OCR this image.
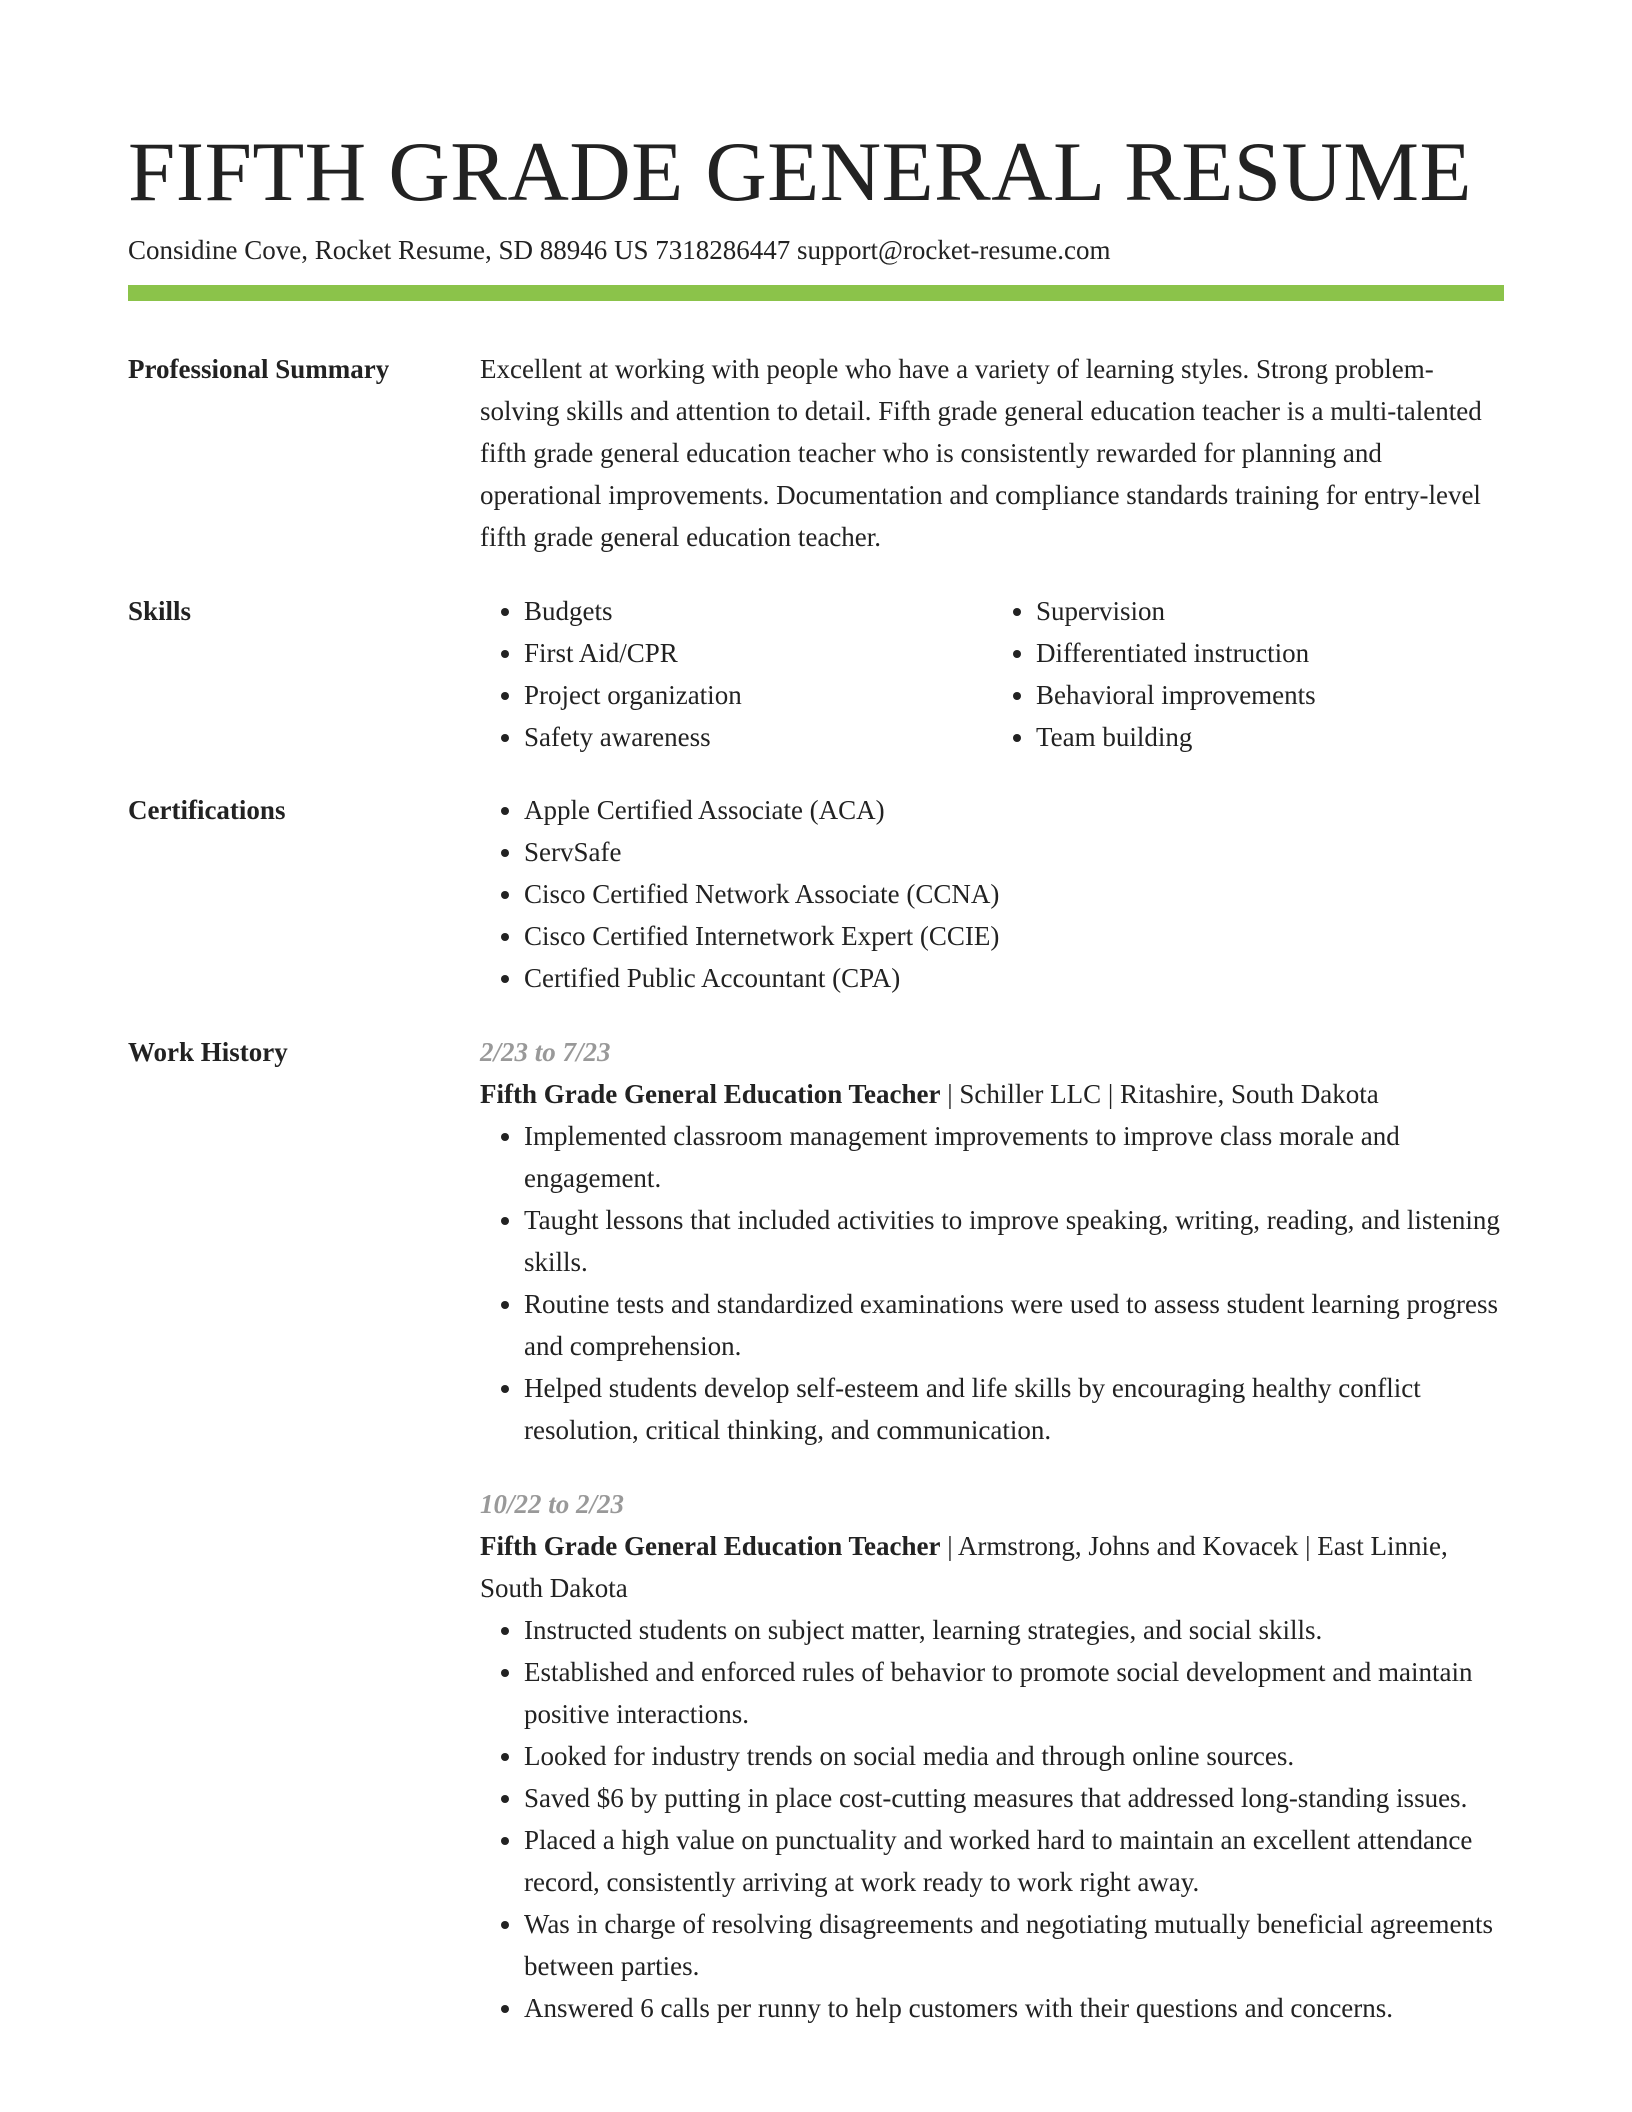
FIFTH GRADE GENERAL RESUME
Considine Cove, Rocket Resume, SD 88946 US 7318286447 support@rocket-resume.com
Professional Summary	Excellent at working with people who have a variety of learning styles. Strong problem-solving skills and attention to detail. Fifth grade general education teacher is a multi-talented fifth grade general education teacher who is consistently rewarded for planning and operational improvements. Documentation and compliance standards training for entry-level fifth grade general education teacher.

Skills	• Budgets
• First Aid/CPR
• Project organization
• Safety awareness
• Supervision
• Differentiated instruction
• Behavioral improvements
• Team building
Certifications	• Apple Certified Associate (ACA)
• ServSafe
• Cisco Certified Network Associate (CCNA)
• Cisco Certified Internetwork Expert (CCIE)
• Certified Public Accountant (CPA)
Work History	2/23 to 7/23

Fifth Grade General Education Teacher | Schiller LLC | Ritashire, South Dakota

• Implemented classroom management improvements to improve class morale and engagement.
• Taught lessons that included activities to improve speaking, writing, reading, and listening skills.
• Routine tests and standardized examinations were used to assess student learning progress and comprehension.
• Helped students develop self-esteem and life skills by encouraging healthy conflict resolution, critical thinking, and communication.
10/22 to 2/23

Fifth Grade General Education Teacher | Armstrong, Johns and Kovacek | East Linnie, South Dakota

• Instructed students on subject matter, learning strategies, and social skills.
• Established and enforced rules of behavior to promote social development and maintain positive interactions.
• Looked for industry trends on social media and through online sources.
• Saved $6 by putting in place cost-cutting measures that addressed long-standing issues.
• Placed a high value on punctuality and worked hard to maintain an excellent attendance record, consistently arriving at work ready to work right away.
• Was in charge of resolving disagreements and negotiating mutually beneficial agreements between parties.
• Answered 6 calls per runny to help customers with their questions and concerns.
